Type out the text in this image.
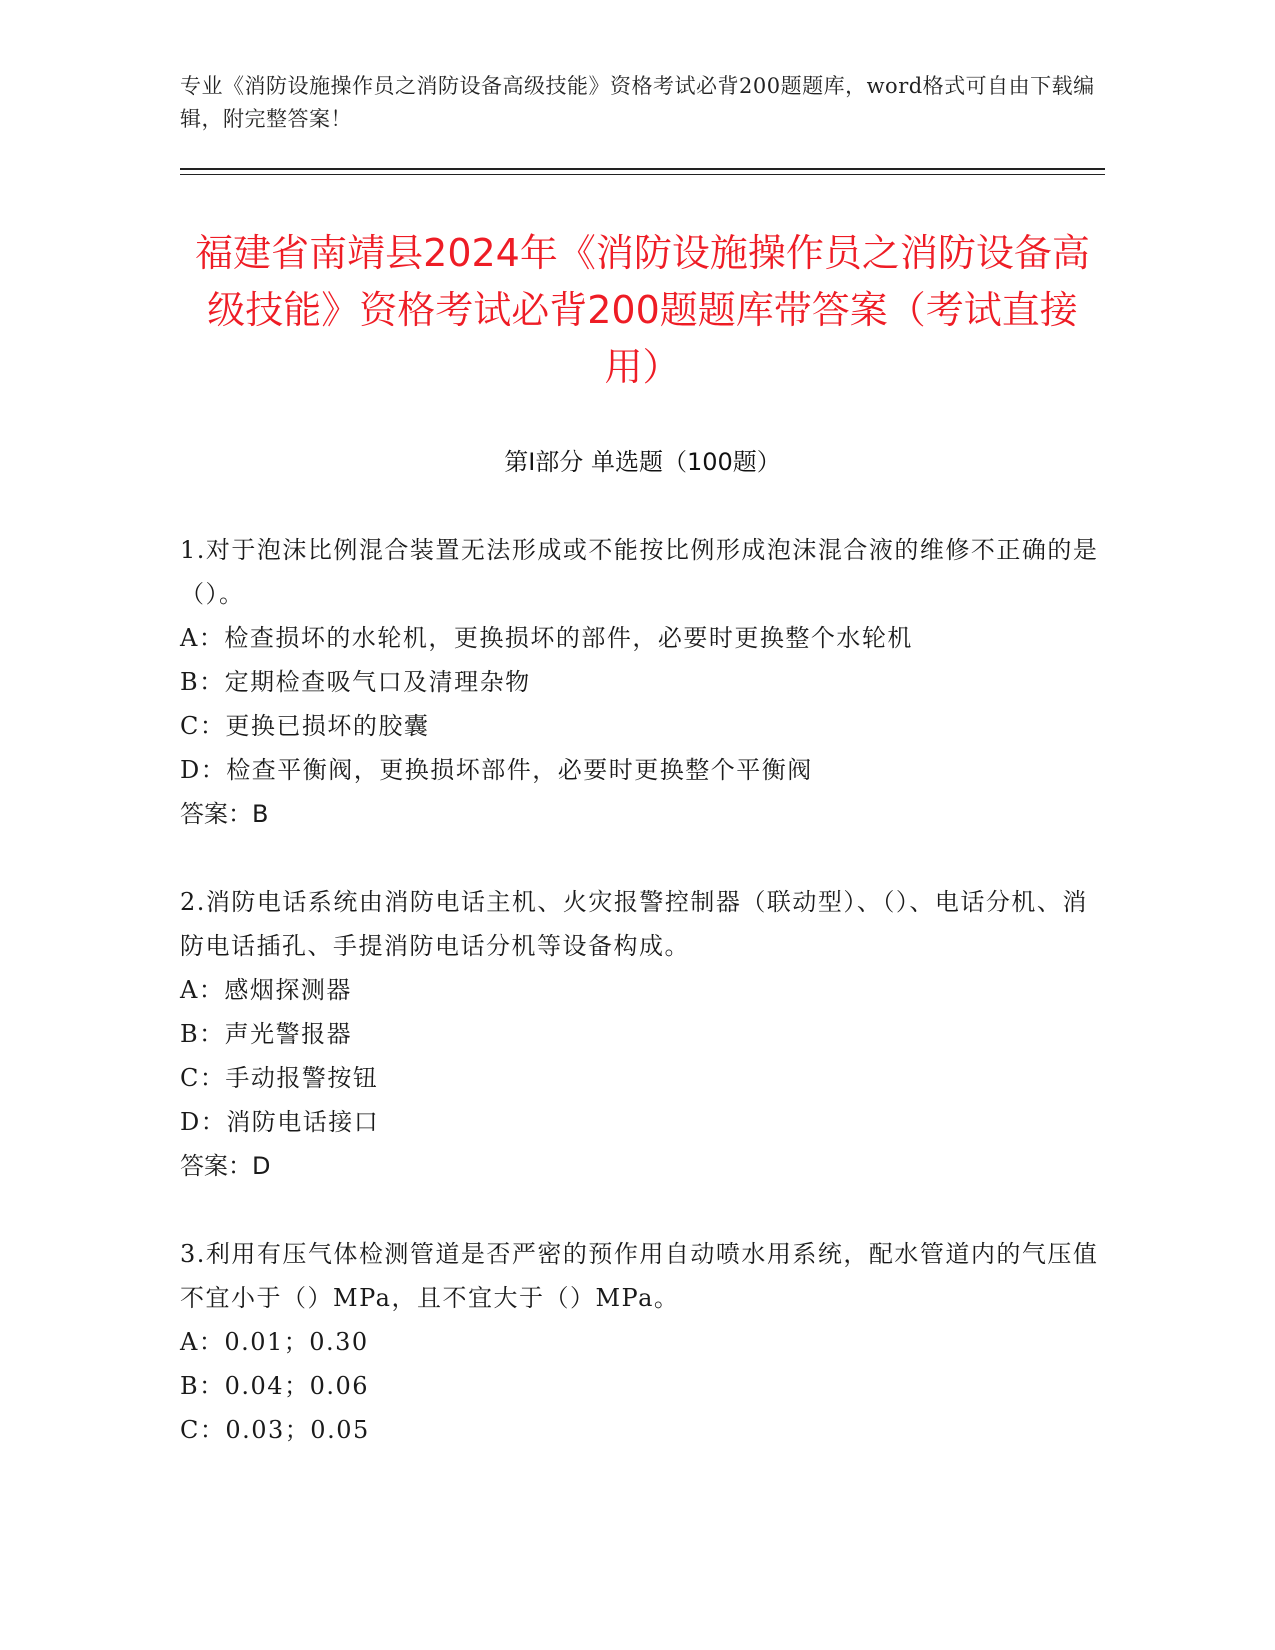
专业《消防设施操作员之消防设备高级技能》资格考试必背200题题库，word格式可自由下载编辑，附完整答案！
福建省南靖县2024年《消防设施操作员之消防设备高级技能》资格考试必背200题题库带答案（考试直接用）
第Ⅰ部分 单选题（100题）
1.对于泡沫比例混合装置无法形成或不能按比例形成泡沫混合液的维修不正确的是（）。
A：检查损坏的水轮机，更换损坏的部件，必要时更换整个水轮机
B：定期检查吸气口及清理杂物
C：更换已损坏的胶囊
D：检查平衡阀，更换损坏部件，必要时更换整个平衡阀
答案：B
2.消防电话系统由消防电话主机、火灾报警控制器（联动型）、（）、电话分机、消防电话插孔、手提消防电话分机等设备构成。
A：感烟探测器
B：声光警报器
C：手动报警按钮
D：消防电话接口
答案：D
3.利用有压气体检测管道是否严密的预作用自动喷水用系统，配水管道内的气压值不宜小于（）MPa，且不宜大于（）MPa。
A：0.01；0.30
B：0.04；0.06
C：0.03；0.05
